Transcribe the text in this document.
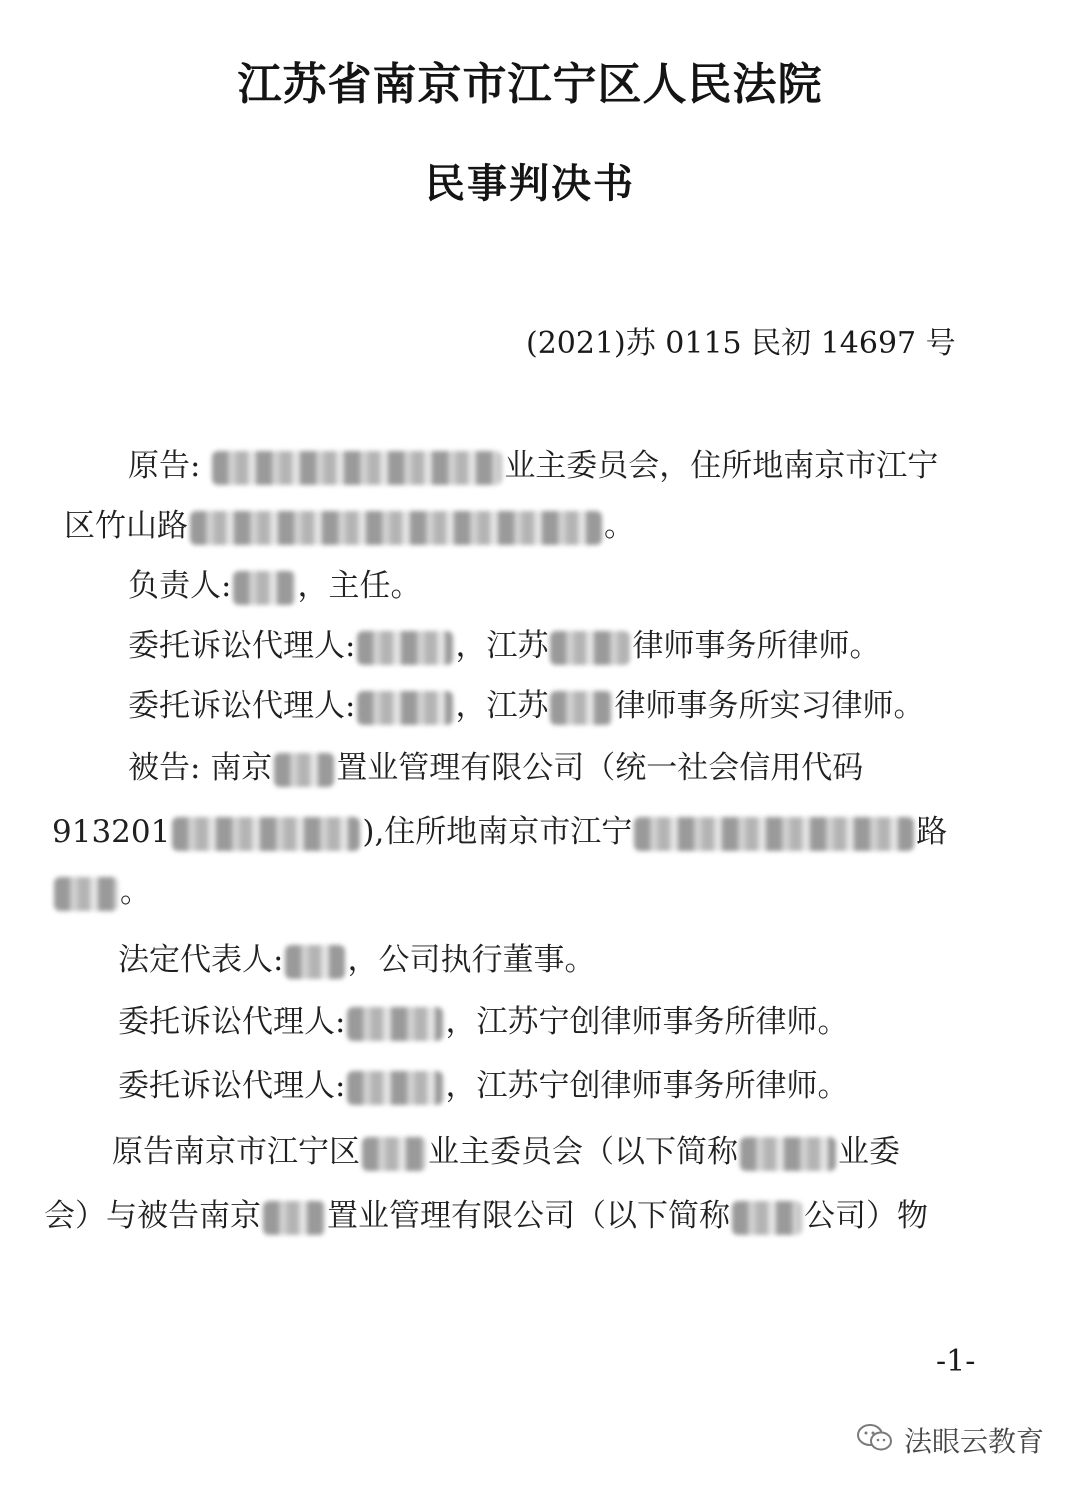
江苏省南京市江宁区人民法院
民事判决书
(2021)苏 0115 民初 14697 号
原告:	业主委员会，住所地南京市江宁
区竹山路	。
负责人: ，主任。
委托诉讼代理人:	，江苏	律师事务所律师。
委托诉讼代理人:	，江苏 律师事务所实习律师。
被告: 南京 置业管理有限公司（统一社会信用代码
913201	),住所地南京市江宁	路
。
法定代表人: ，公司执行董事。
委托诉讼代理人:	，江苏宁创律师事务所律师。
委托诉讼代理人:	，江苏宁创律师事务所律师。
原告南京市江宁区 业主委员会（以下简称	业委
会）与被告南京 置业管理有限公司（以下简称 公司）物
-1-
法眼云教育
